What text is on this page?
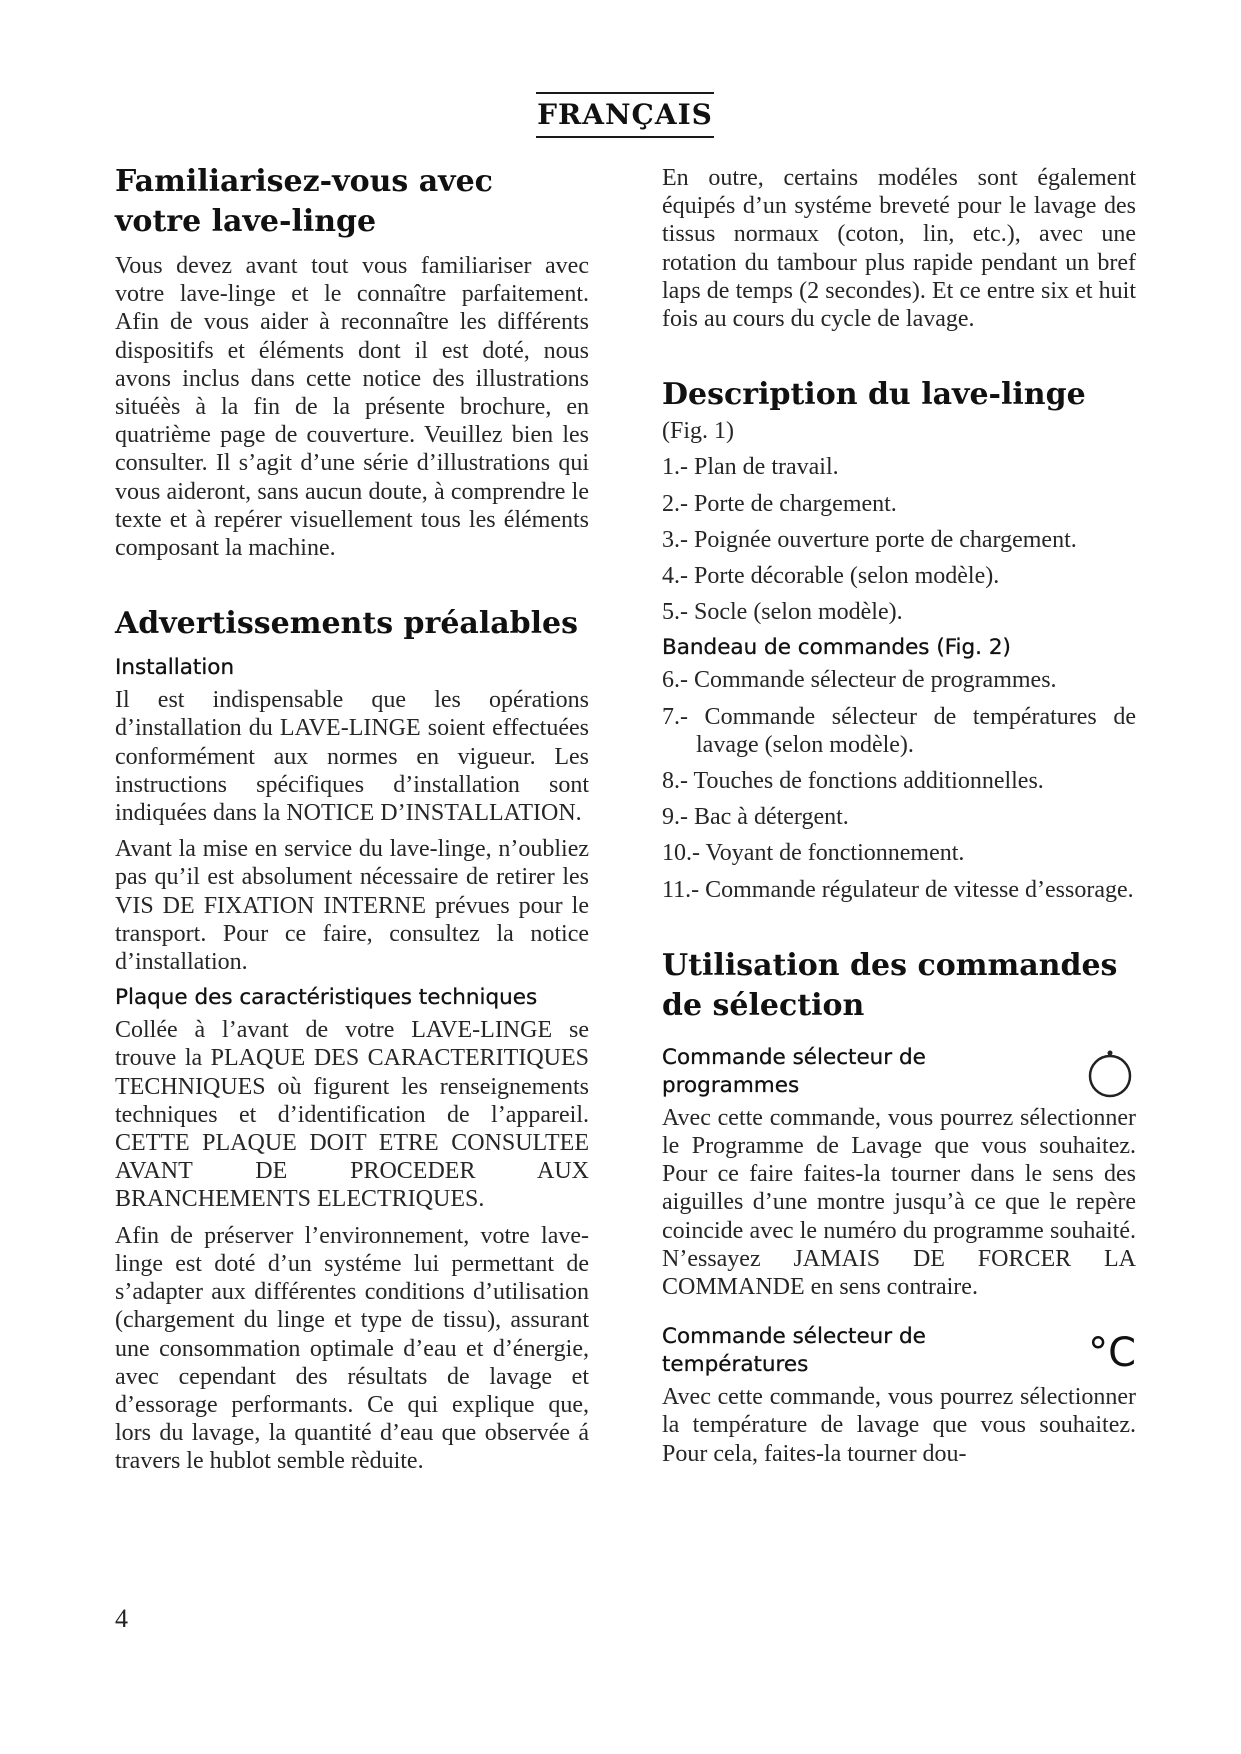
FRANÇAIS
Familiarisez-vous avec votre lave-linge

Vous devez avant tout vous familiariser avec votre lave-linge et le connaître parfaitement. Afin de vous aider à reconnaître les différents dispositifs et éléments dont il est doté, nous avons inclus dans cette notice des illustrations situéès à la fin de la présente brochure, en quatrième page de couverture. Veuillez bien les consulter. Il s’agit d’une série d’illustrations qui vous aideront, sans aucun doute, à comprendre le texte et à repérer visuellement tous les éléments composant la machine.

Advertissements préalables
Installation

Il est indispensable que les opérations d’installation du LAVE-LINGE soient effectuées conformément aux normes en vigueur. Les instructions spécifiques d’installation sont indiquées dans la NOTICE D’INSTALLATION.

Avant la mise en service du lave-linge, n’oubliez pas qu’il est absolument nécessaire de retirer les VIS DE FIXATION INTERNE prévues pour le transport. Pour ce faire, consultez la notice d’installation.

Plaque des caractéristiques techniques

Collée à l’avant de votre LAVE-LINGE se trouve la PLAQUE DES CARACTERITIQUES TECHNIQUES où figurent les renseignements techniques et d’identification de l’appareil. CETTE PLAQUE DOIT ETRE CONSULTEE AVANT DE PROCEDER AUX BRANCHEMENTS ELECTRIQUES.

Afin de préserver l’environnement, votre lave-linge est doté d’un systéme lui permettant de s’adapter aux différentes conditions d’utilisation (chargement du linge et type de tissu), assurant une consommation optimale d’eau et d’énergie, avec cependant des résultats de lavage et d’essorage performants. Ce qui explique que, lors du lavage, la quantité d’eau que observée á travers le hublot semble rèduite.

En outre, certains modéles sont également équipés d’un systéme breveté pour le lavage des tissus normaux (coton, lin, etc.), avec une rotation du tambour plus rapide pendant un bref laps de temps (2 secondes). Et ce entre six et huit fois au cours du cycle de lavage.

Description du lave-linge

(Fig. 1)

1.- Plan de travail.
2.- Porte de chargement.
3.- Poignée ouverture porte de chargement.
4.- Porte décorable (selon modèle).
5.- Socle (selon modèle).
Bandeau de commandes (Fig. 2)
6.- Commande sélecteur de programmes.
7.- Commande sélecteur de températures de lavage (selon modèle).
8.- Touches de fonctions additionnelles.
9.- Bac à détergent.
10.- Voyant de fonctionnement.
11.- Commande régulateur de vitesse d’essorage.
Utilisation des commandes de sélection
Commande sélecteur de programmes

Avec cette commande, vous pourrez sélectionner le Programme de Lavage que vous souhaitez. Pour ce faire faites-la tourner dans le sens des aiguilles d’une montre jusqu’à ce que le repère coincide avec le numéro du programme souhaité. N’essayez JAMAIS DE FORCER LA COMMANDE en sens contraire.

Commande sélecteur de températures	°C

Avec cette commande, vous pourrez sélectionner la température de lavage que vous souhaitez. Pour cela, faites-la tourner dou-

4
